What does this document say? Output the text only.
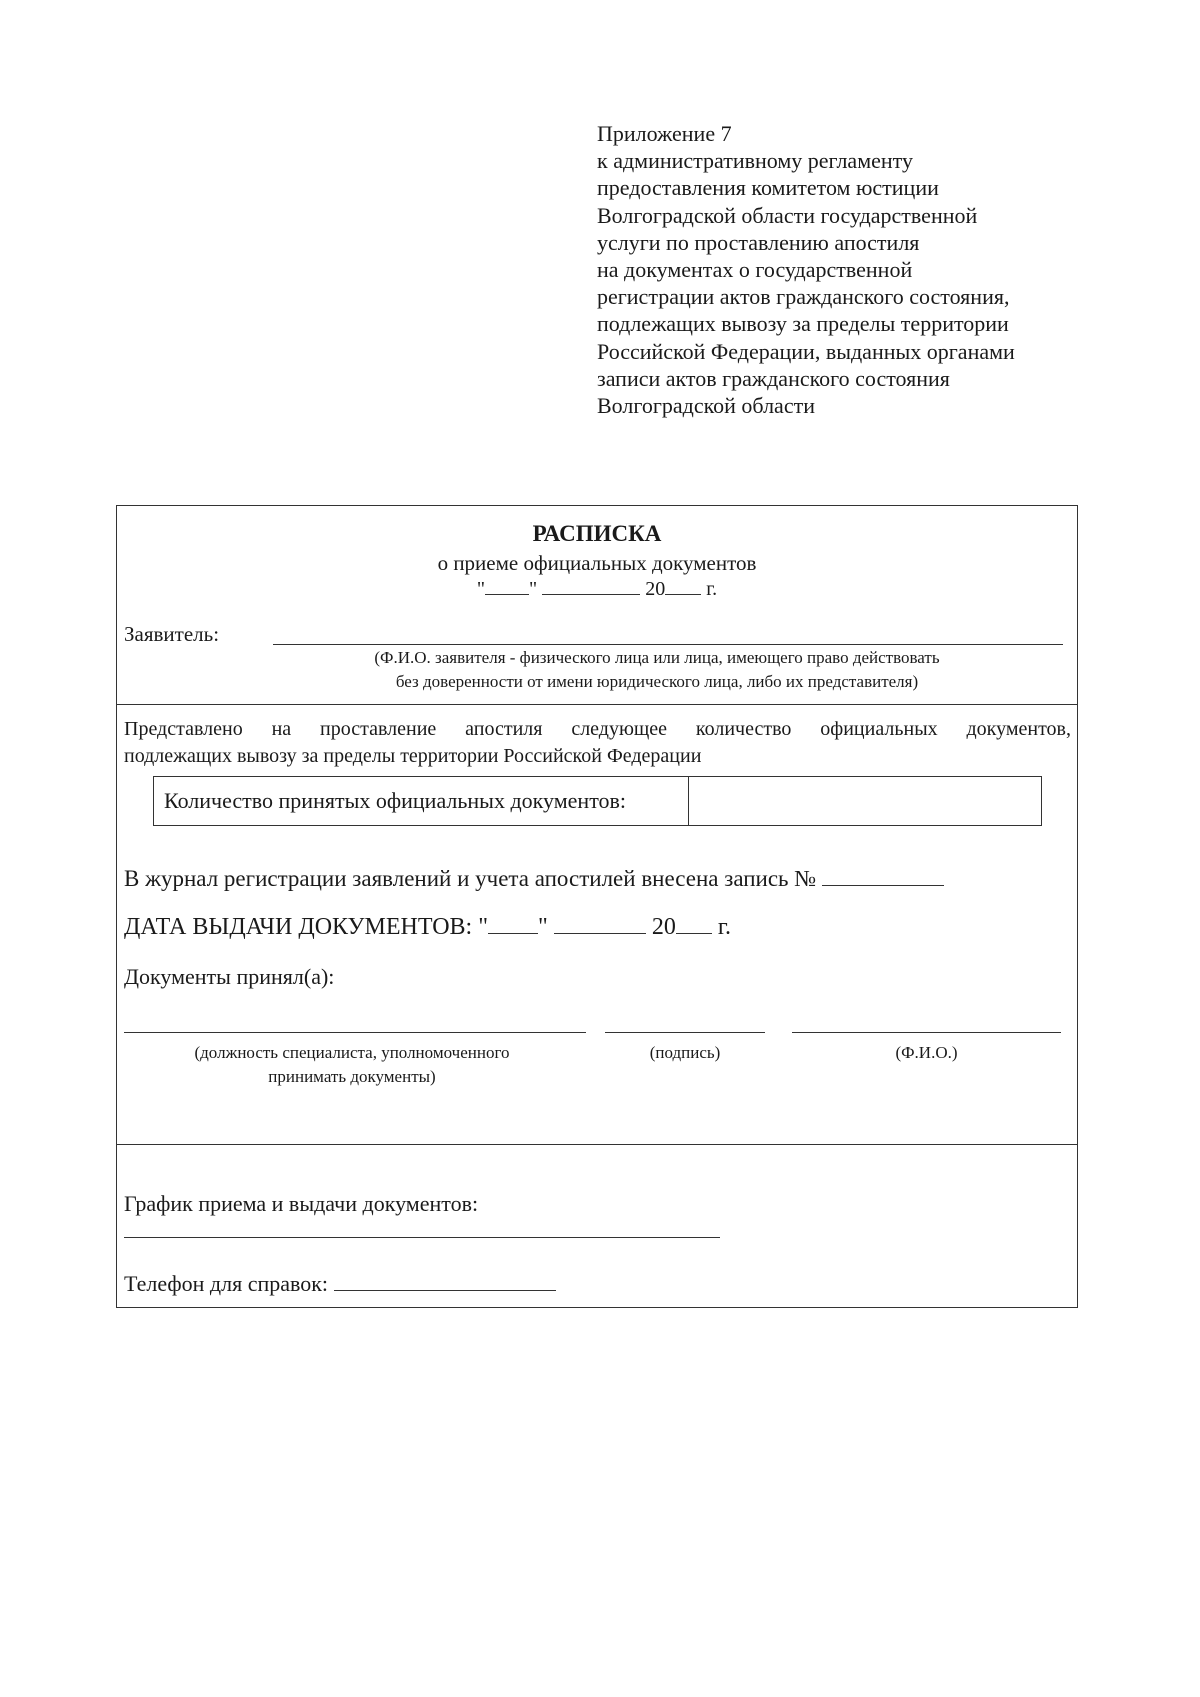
Приложение 7
к административному регламенту
предоставления комитетом юстиции
Волгоградской области государственной
услуги по проставлению апостиля
на документах о государственной
регистрации актов гражданского состояния,
подлежащих вывозу за пределы территории
Российской Федерации, выданных органами
записи актов гражданского состояния
Волгоградской области
РАСПИСКА
о приеме официальных документов
" "	20 г.
Заявитель:
(Ф.И.О. заявителя - физического лица или лица, имеющего право действовать
без доверенности от имени юридического лица, либо их представителя)
Представлено на проставление апостиля следующее количество официальных документов,
подлежащих вывозу за пределы территории Российской Федерации
Количество принятых официальных документов:
В журнал регистрации заявлений и учета апостилей внесена запись №
ДАТА ВЫДАЧИ ДОКУМЕНТОВ: " "	20 г.
Документы принял(а):
(должность специалиста, уполномоченного
принимать документы)
(подпись)	(Ф.И.О.)
График приема и выдачи документов:
Телефон для справок:
